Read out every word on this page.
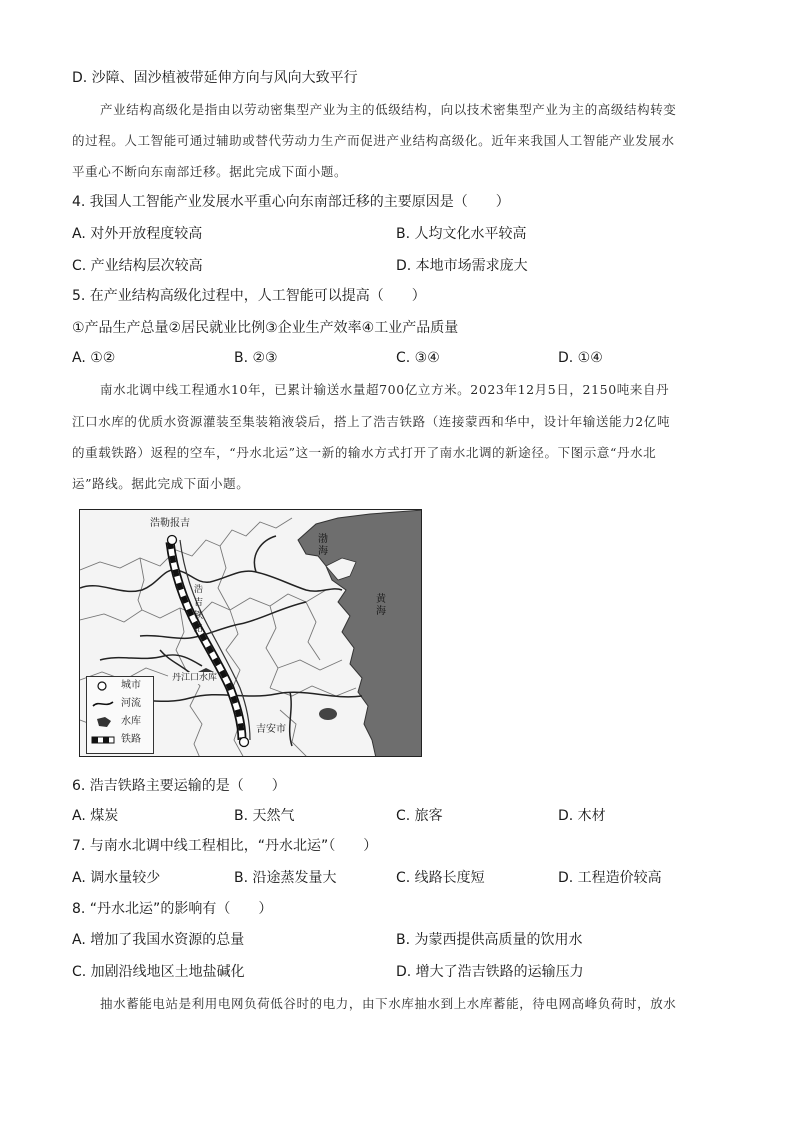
D. 沙障、固沙植被带延伸方向与风向大致平行
产业结构高级化是指由以劳动密集型产业为主的低级结构，向以技术密集型产业为主的高级结构转变
的过程。人工智能可通过辅助或替代劳动力生产而促进产业结构高级化。近年来我国人工智能产业发展水
平重心不断向东南部迁移。据此完成下面小题。
4. 我国人工智能产业发展水平重心向东南部迁移的主要原因是（　　）
A. 对外开放程度较高	B. 人均文化水平较高
C. 产业结构层次较高	D. 本地市场需求庞大
5. 在产业结构高级化过程中，人工智能可以提高（　　）
①产品生产总量②居民就业比例③企业生产效率④工业产品质量
A. ①②	B. ②③	C. ③④	D. ①④
南水北调中线工程通水10年，已累计输送水量超700亿立方米。2023年12月5日，2150吨来自丹
江口水库的优质水资源灌装至集装箱液袋后，搭上了浩吉铁路（连接蒙西和华中，设计年输送能力2亿吨
的重载铁路）返程的空车，“丹水北运”这一新的输水方式打开了南水北调的新途径。下图示意“丹水北
运”路线。据此完成下面小题。
浩勒报吉
吉安市
丹江口水库
渤海
黄海
浩吉铁路
城市
河流
水库
铁路
6. 浩吉铁路主要运输的是（　　）
A. 煤炭	B. 天然气	C. 旅客	D. 木材
7. 与南水北调中线工程相比，“丹水北运”（　　）
A. 调水量较少	B. 沿途蒸发量大	C. 线路长度短	D. 工程造价较高
8. “丹水北运”的影响有（　　）
A. 增加了我国水资源的总量	B. 为蒙西提供高质量的饮用水
C. 加剧沿线地区土地盐碱化	D. 增大了浩吉铁路的运输压力
抽水蓄能电站是利用电网负荷低谷时的电力，由下水库抽水到上水库蓄能，待电网高峰负荷时，放水
